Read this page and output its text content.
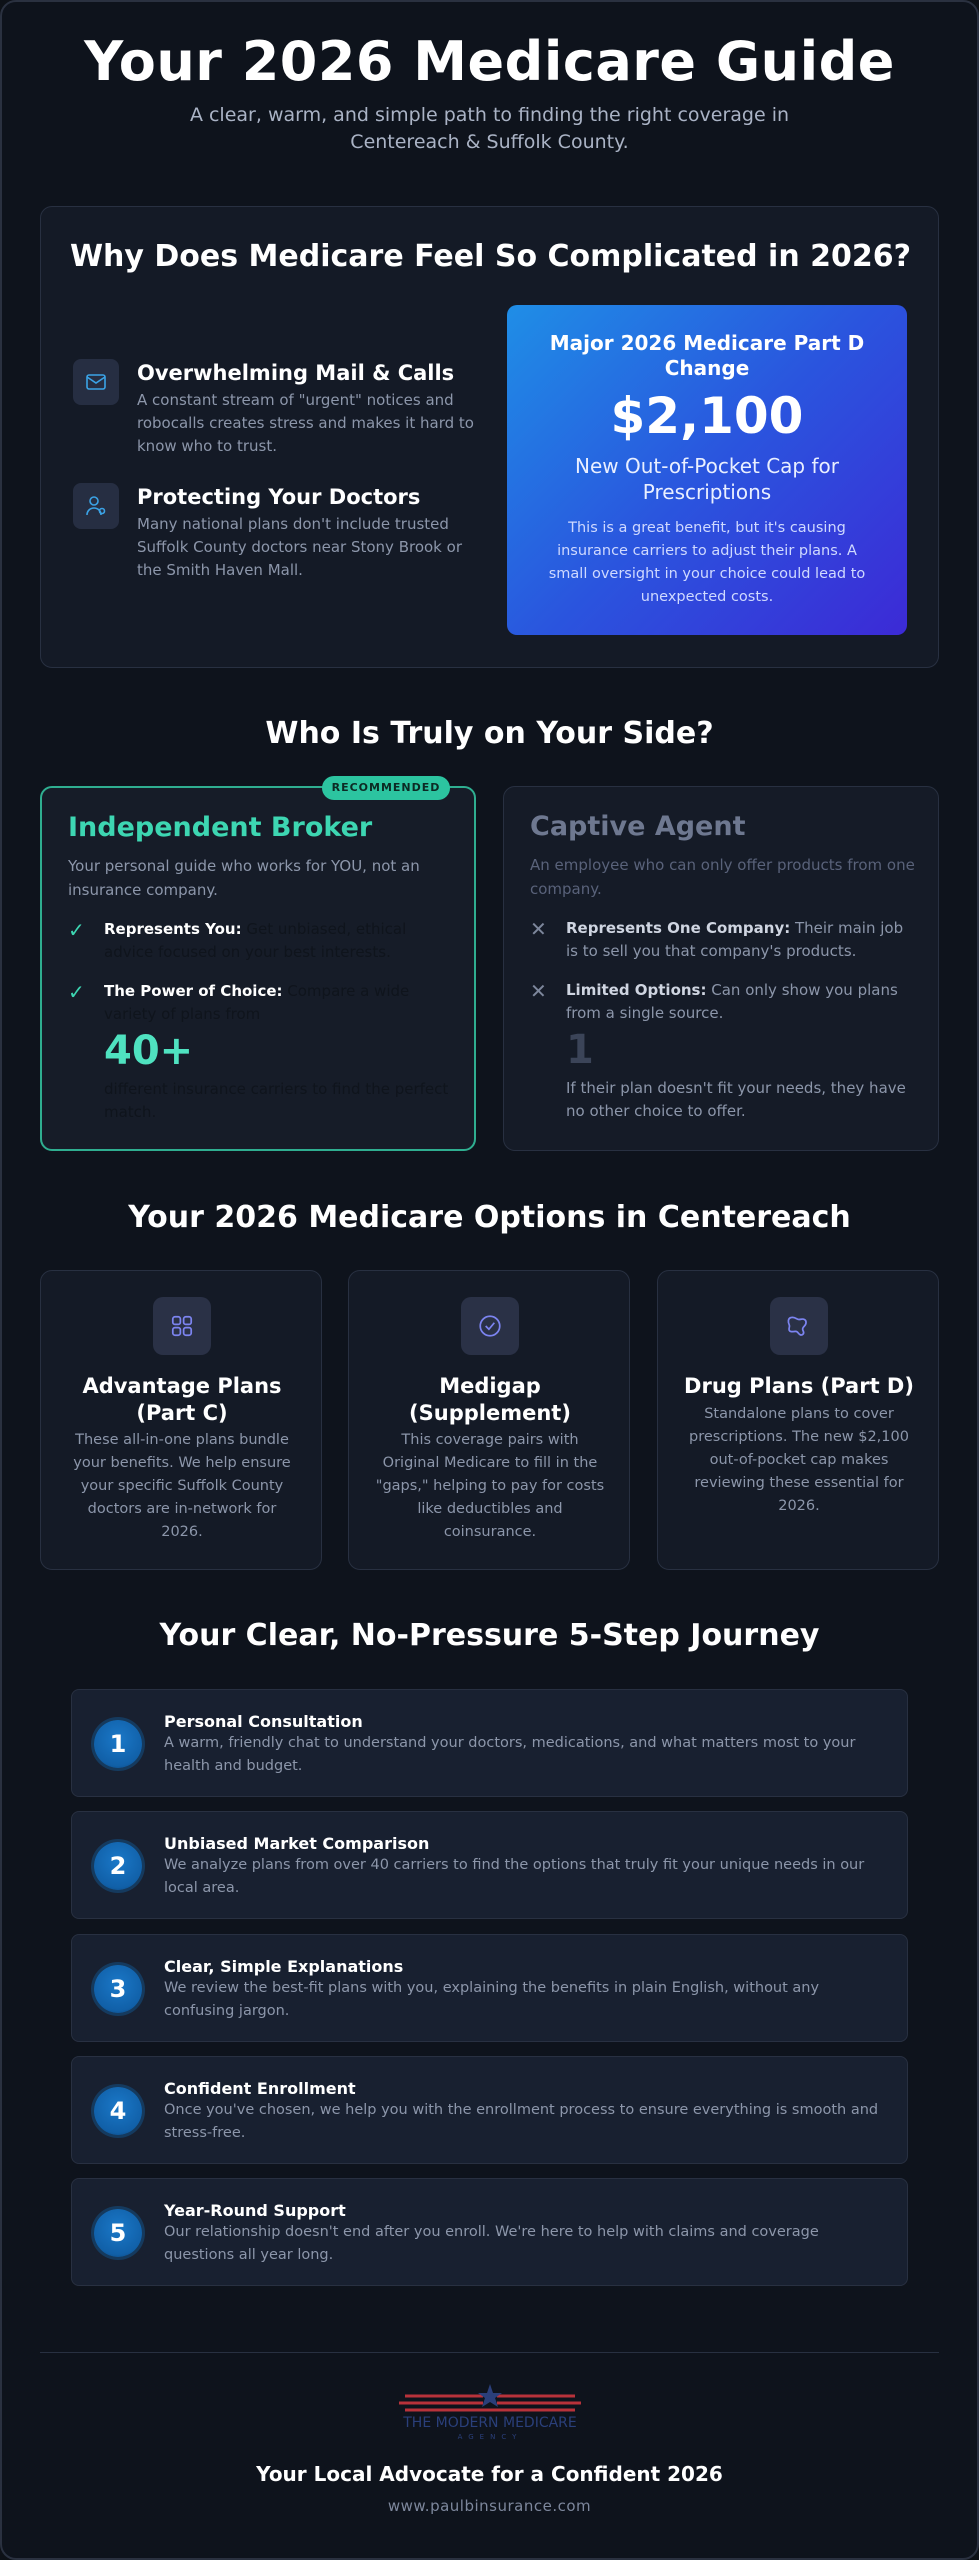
Your 2026 Medicare Guide

A clear, warm, and simple path to finding the right coverage in Centereach & Suffolk County.

Why Does Medicare Feel So Complicated in 2026?
Overwhelming Mail & Calls

A constant stream of "urgent" notices and robocalls creates stress and makes it hard to know who to trust.

Protecting Your Doctors

Many national plans don't include trusted Suffolk County doctors near Stony Brook or the Smith Haven Mall.

Major 2026 Medicare Part D Change
$2,100
New Out-of-Pocket Cap for Prescriptions
This is a great benefit, but it's causing insurance carriers to adjust their plans. A small oversight in your choice could lead to unexpected costs.
Who Is Truly on Your Side?
RECOMMENDED
Independent Broker
Your personal guide who works for YOU, not an insurance company.
✓ Represents You: Get unbiased, ethical advice focused on your best interests.
✓ The Power of Choice: Compare a wide variety of plans from
40+
different insurance carriers to find the perfect match.
Captive Agent
An employee who can only offer products from one company.
✕ Represents One Company: Their main job is to sell you that company's products.
✕ Limited Options: Can only show you plans from a single source.
1
If their plan doesn't fit your needs, they have no other choice to offer.
Your 2026 Medicare Options in Centereach
Advantage Plans (Part C)

These all-in-one plans bundle your benefits. We help ensure your specific Suffolk County doctors are in-network for 2026.

Medigap (Supplement)

This coverage pairs with Original Medicare to fill in the "gaps," helping to pay for costs like deductibles and coinsurance.

Drug Plans (Part D)

Standalone plans to cover prescriptions. The new $2,100 out-of-pocket cap makes reviewing these essential for 2026.

Your Clear, No-Pressure 5-Step Journey
1
Personal Consultation

A warm, friendly chat to understand your doctors, medications, and what matters most to your health and budget.

2
Unbiased Market Comparison

We analyze plans from over 40 carriers to find the options that truly fit your unique needs in our local area.

3
Clear, Simple Explanations

We review the best-fit plans with you, explaining the benefits in plain English, without any confusing jargon.

4
Confident Enrollment

Once you've chosen, we help you with the enrollment process to ensure everything is smooth and stress-free.

5
Year-Round Support

Our relationship doesn't end after you enroll. We're here to help with claims and coverage questions all year long.

THE MODERN MEDICARE
AGENCY
Your Local Advocate for a Confident 2026
www.paulbinsurance.com
